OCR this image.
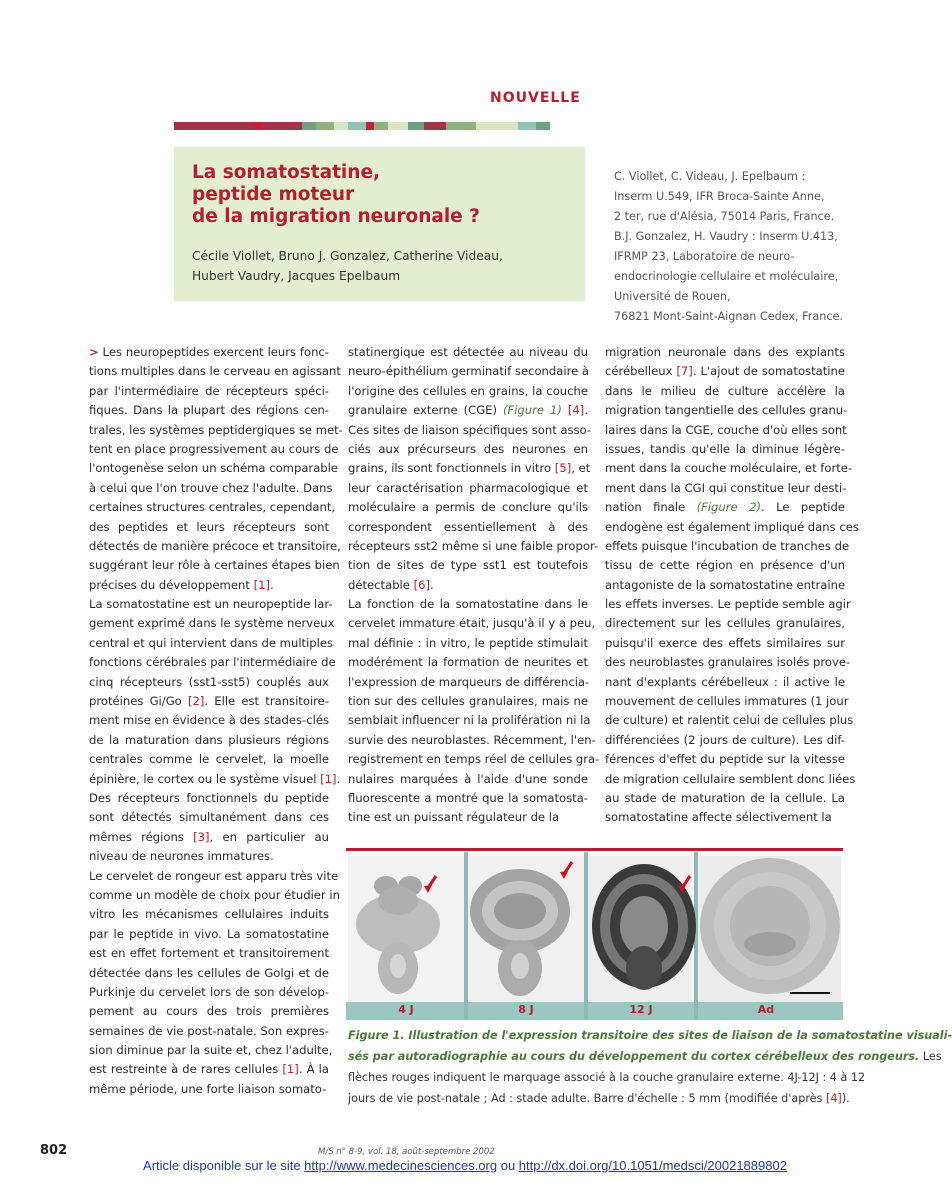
NOUVELLE
La somatostatine,
peptide moteur
de la migration neuronale ?
Cécile Viollet, Bruno J. Gonzalez, Catherine Videau,
Hubert Vaudry, Jacques Epelbaum
C. Viollet, C. Videau, J. Epelbaum :
Inserm U.549, IFR Broca-Sainte Anne,
2 ter, rue d'Alésia, 75014 Paris, France.
B.J. Gonzalez, H. Vaudry : Inserm U.413,
IFRMP 23, Laboratoire de neuro-
endocrinologie cellulaire et moléculaire,
Université de Rouen,
76821 Mont-Saint-Aignan Cedex, France.
> Les neuropeptides exercent leurs fonc-
tions multiples dans le cerveau en agissant
par l'intermédiaire de récepteurs spéci-
fiques. Dans la plupart des régions cen-
trales, les systèmes peptidergiques se met-
tent en place progressivement au cours de
l'ontogenèse selon un schéma comparable
à celui que l'on trouve chez l'adulte. Dans
certaines structures centrales, cependant,
des peptides et leurs récepteurs sont
détectés de manière précoce et transitoire,
suggérant leur rôle à certaines étapes bien
précises du développement [1].
La somatostatine est un neuropeptide lar-
gement exprimé dans le système nerveux
central et qui intervient dans de multiples
fonctions cérébrales par l'intermédiaire de
cinq récepteurs (sst1-sst5) couplés aux
protéines Gi/Go [2]. Elle est transitoire-
ment mise en évidence à des stades-clés
de la maturation dans plusieurs régions
centrales comme le cervelet, la moelle
épinière, le cortex ou le système visuel [1].
Des récepteurs fonctionnels du peptide
sont détectés simultanément dans ces
mêmes régions [3], en particulier au
niveau de neurones immatures.
Le cervelet de rongeur est apparu très vite
comme un modèle de choix pour étudier in
vitro les mécanismes cellulaires induits
par le peptide in vivo. La somatostatine
est en effet fortement et transitoirement
détectée dans les cellules de Golgi et de
Purkinje du cervelet lors de son dévelop-
pement au cours des trois premières
semaines de vie post-natale. Son expres-
sion diminue par la suite et, chez l'adulte,
est restreinte à de rares cellules [1]. À la
même période, une forte liaison somato-
statinergique est détectée au niveau du
neuro-épithélium germinatif secondaire à
l'origine des cellules en grains, la couche
granulaire externe (CGE) (Figure 1) [4].
Ces sites de liaison spécifiques sont asso-
ciés aux précurseurs des neurones en
grains, ils sont fonctionnels in vitro [5], et
leur caractérisation pharmacologique et
moléculaire a permis de conclure qu'ils
correspondent essentiellement à des
récepteurs sst2 même si une faible propor-
tion de sites de type sst1 est toutefois
détectable [6].
La fonction de la somatostatine dans le
cervelet immature était, jusqu'à il y a peu,
mal définie : in vitro, le peptide stimulait
modérément la formation de neurites et
l'expression de marqueurs de différencia-
tion sur des cellules granulaires, mais ne
semblait influencer ni la prolifération ni la
survie des neuroblastes. Récemment, l'en-
registrement en temps réel de cellules gra-
nulaires marquées à l'aide d'une sonde
fluorescente a montré que la somatosta-
tine est un puissant régulateur de la
migration neuronale dans des explants
cérébelleux [7]. L'ajout de somatostatine
dans le milieu de culture accélère la
migration tangentielle des cellules granu-
laires dans la CGE, couche d'où elles sont
issues, tandis qu'elle la diminue légère-
ment dans la couche moléculaire, et forte-
ment dans la CGI qui constitue leur desti-
nation finale (Figure 2). Le peptide
endogène est également impliqué dans ces
effets puisque l'incubation de tranches de
tissu de cette région en présence d'un
antagoniste de la somatostatine entraîne
les effets inverses. Le peptide semble agir
directement sur les cellules granulaires,
puisqu'il exerce des effets similaires sur
des neuroblastes granulaires isolés prove-
nant d'explants cérébelleux : il active le
mouvement de cellules immatures (1 jour
de culture) et ralentit celui de cellules plus
différenciées (2 jours de culture). Les dif-
férences d'effet du peptide sur la vitesse
de migration cellulaire semblent donc liées
au stade de maturation de la cellule. La
somatostatine affecte sélectivement la
4 J	8 J	12 J	Ad
Figure 1. Illustration de l'expression transitoire des sites de liaison de la somatostatine visuali-
sés par autoradiographie au cours du développement du cortex cérébelleux des rongeurs. Les
flèches rouges indiquent le marquage associé à la couche granulaire externe. 4J-12J : 4 à 12
jours de vie post-natale ; Ad : stade adulte. Barre d'échelle : 5 mm (modifiée d'après [4]).
802	M/S n° 8-9, vol. 18, août-septembre 2002
Article disponible sur le site http://www.medecinesciences.org ou http://dx.doi.org/10.1051/medsci/20021889802
